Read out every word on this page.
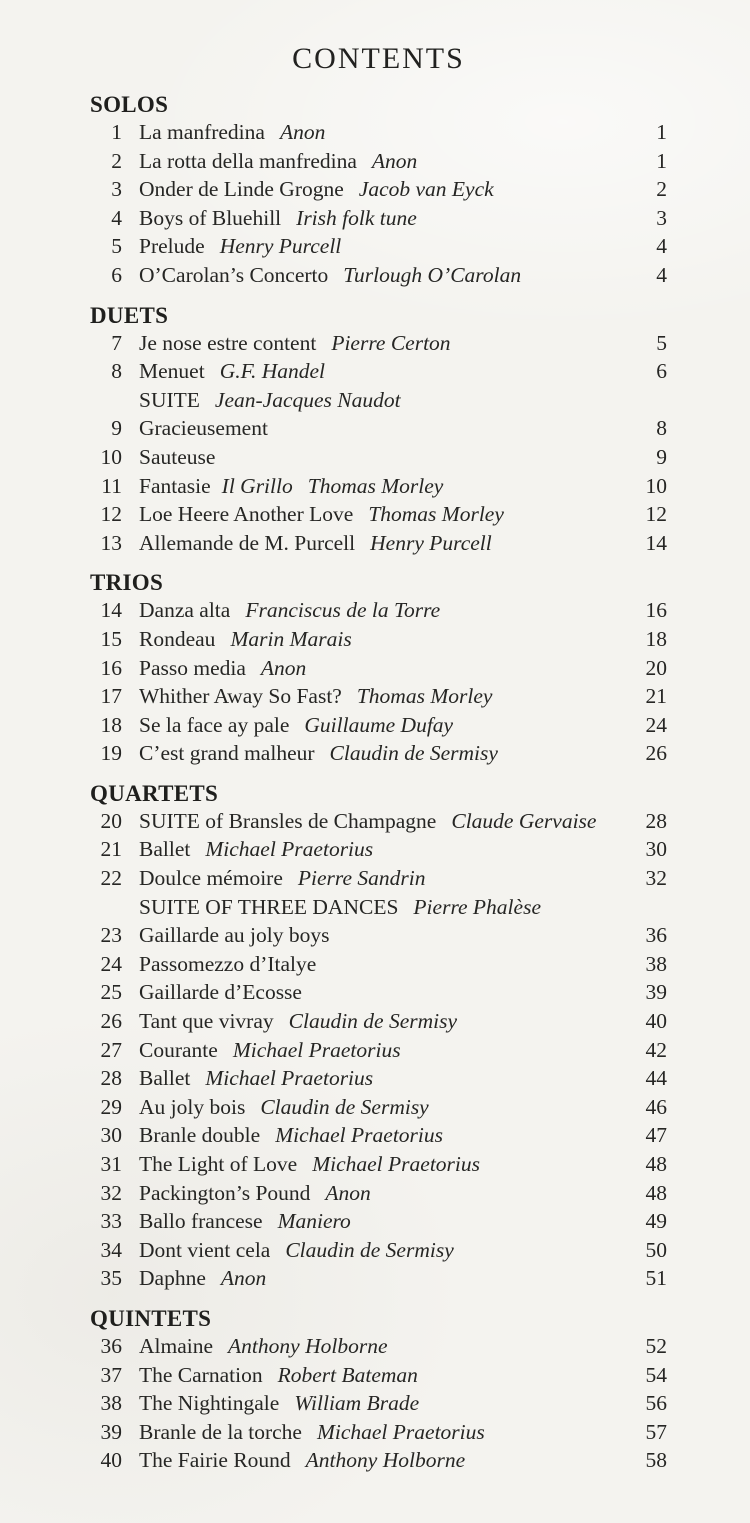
CONTENTS
SOLOS
1 La manfredina Anon	1
2 La rotta della manfredina Anon	1
3 Onder de Linde Grogne Jacob van Eyck	2
4 Boys of Bluehill Irish folk tune	3
5 Prelude Henry Purcell	4
6 O’Carolan’s Concerto Turlough O’Carolan	4
DUETS
7 Je nose estre content Pierre Certon	5
8 Menuet G.F. Handel	6
SUITE Jean-Jacques Naudot
9 Gracieusement	8
10 Sauteuse	9
11 Fantasie Il Grillo Thomas Morley	10
12 Loe Heere Another Love Thomas Morley	12
13 Allemande de M. Purcell Henry Purcell	14
TRIOS
14 Danza alta Franciscus de la Torre	16
15 Rondeau Marin Marais	18
16 Passo media Anon	20
17 Whither Away So Fast? Thomas Morley	21
18 Se la face ay pale Guillaume Dufay	24
19 C’est grand malheur Claudin de Sermisy	26
QUARTETS
20 SUITE of Bransles de Champagne Claude Gervaise	28
21 Ballet Michael Praetorius	30
22 Doulce mémoire Pierre Sandrin	32
SUITE OF THREE DANCES Pierre Phalèse
23 Gaillarde au joly boys	36
24 Passomezzo d’Italye	38
25 Gaillarde d’Ecosse	39
26 Tant que vivray Claudin de Sermisy	40
27 Courante Michael Praetorius	42
28 Ballet Michael Praetorius	44
29 Au joly bois Claudin de Sermisy	46
30 Branle double Michael Praetorius	47
31 The Light of Love Michael Praetorius	48
32 Packington’s Pound Anon	48
33 Ballo francese Maniero	49
34 Dont vient cela Claudin de Sermisy	50
35 Daphne Anon	51
QUINTETS
36 Almaine Anthony Holborne	52
37 The Carnation Robert Bateman	54
38 The Nightingale William Brade	56
39 Branle de la torche Michael Praetorius	57
40 The Fairie Round Anthony Holborne	58
